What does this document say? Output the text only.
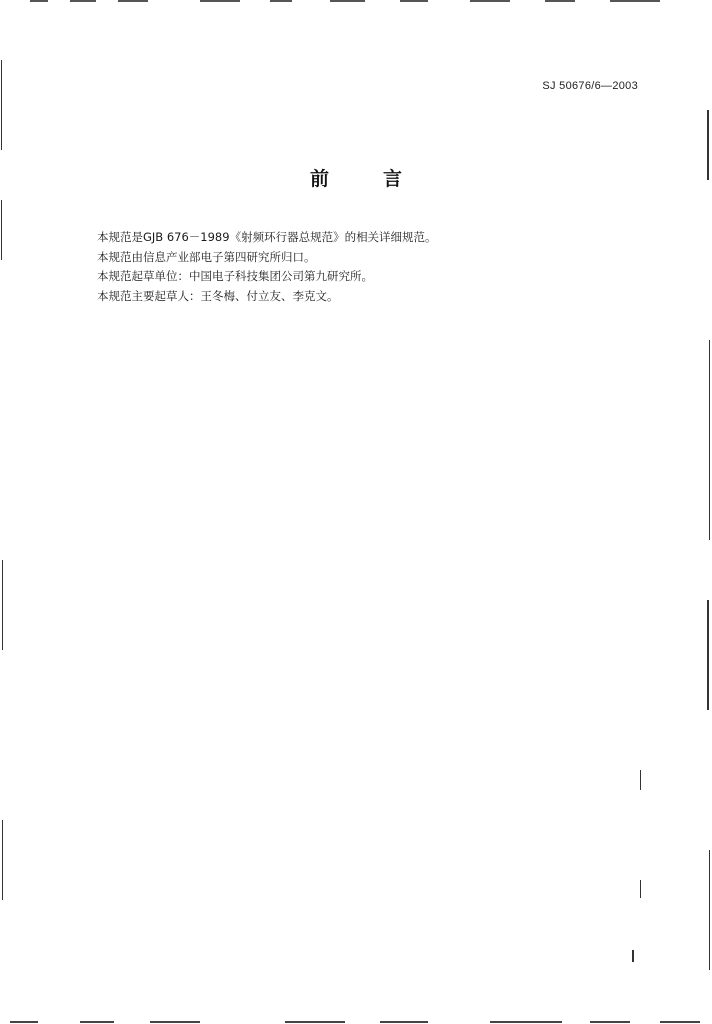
SJ 50676/6—2003
前	言

本规范是GJB 676－1989《射频环行器总规范》的相关详细规范。

本规范由信息产业部电子第四研究所归口。

本规范起草单位：中国电子科技集团公司第九研究所。

本规范主要起草人：王冬梅、付立友、李克文。
